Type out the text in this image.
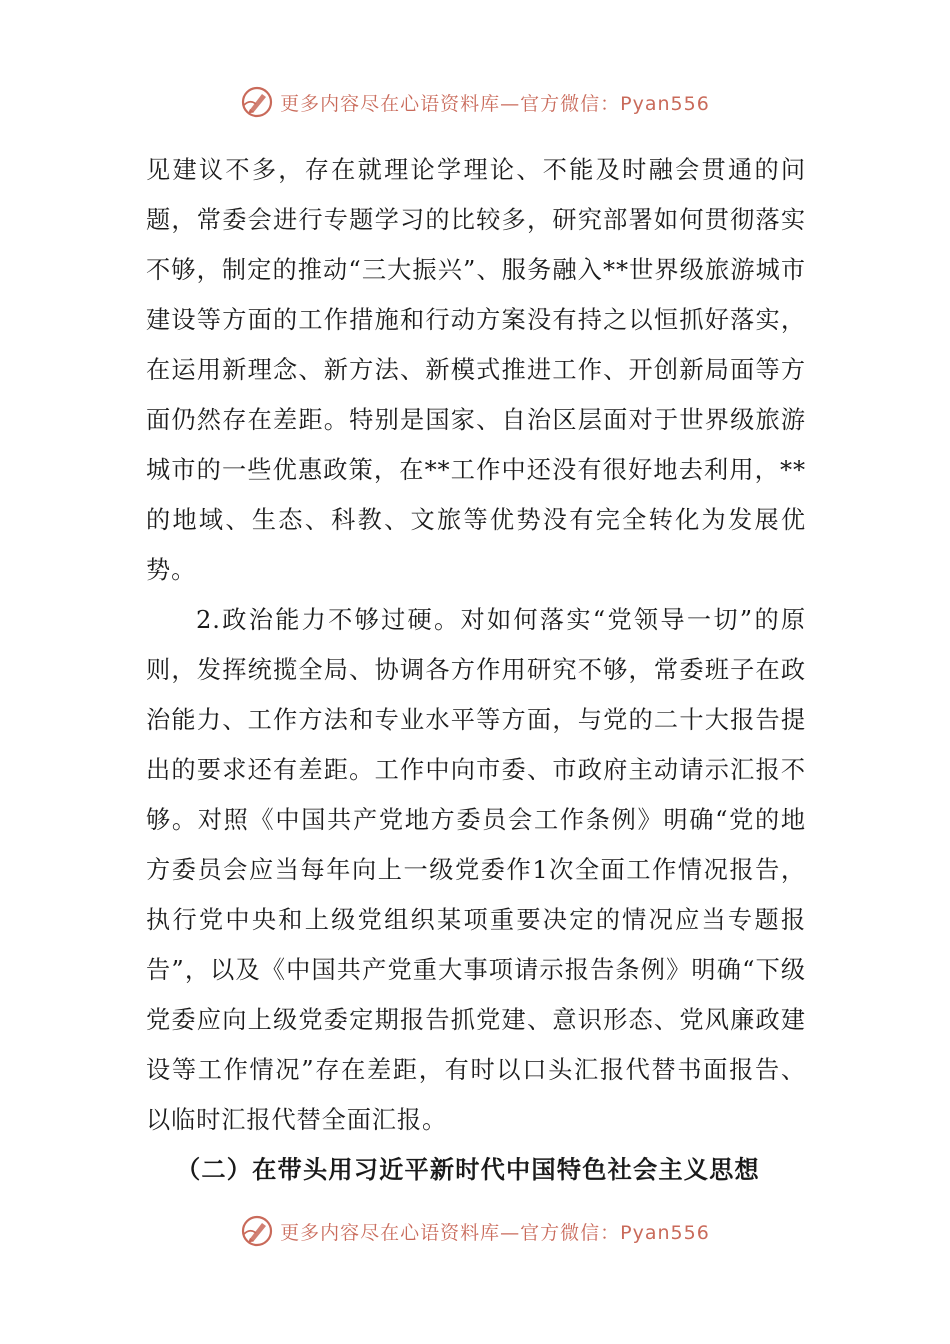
更多内容尽在心语资料库—官方微信：Pyan556

见建议不多，存在就理论学理论、不能及时融会贯通的问题，常委会进行专题学习的比较多，研究部署如何贯彻落实不够，制定的推动“三大振兴”、服务融入**世界级旅游城市建设等方面的工作措施和行动方案没有持之以恒抓好落实，在运用新理念、新方法、新模式推进工作、开创新局面等方面仍然存在差距。特别是国家、自治区层面对于世界级旅游城市的一些优惠政策，在**工作中还没有很好地去利用，**的地域、生态、科教、文旅等优势没有完全转化为发展优势。

2.政治能力不够过硬。对如何落实“党领导一切”的原则，发挥统揽全局、协调各方作用研究不够，常委班子在政治能力、工作方法和专业水平等方面，与党的二十大报告提出的要求还有差距。工作中向市委、市政府主动请示汇报不够。对照《中国共产党地方委员会工作条例》明确“党的地方委员会应当每年向上一级党委作1次全面工作情况报告，执行党中央和上级党组织某项重要决定的情况应当专题报告”，以及《中国共产党重大事项请示报告条例》明确“下级党委应向上级党委定期报告抓党建、意识形态、党风廉政建设等工作情况”存在差距，有时以口头汇报代替书面报告、以临时汇报代替全面汇报。

（二）在带头用习近平新时代中国特色社会主义思想

更多内容尽在心语资料库—官方微信：Pyan556
